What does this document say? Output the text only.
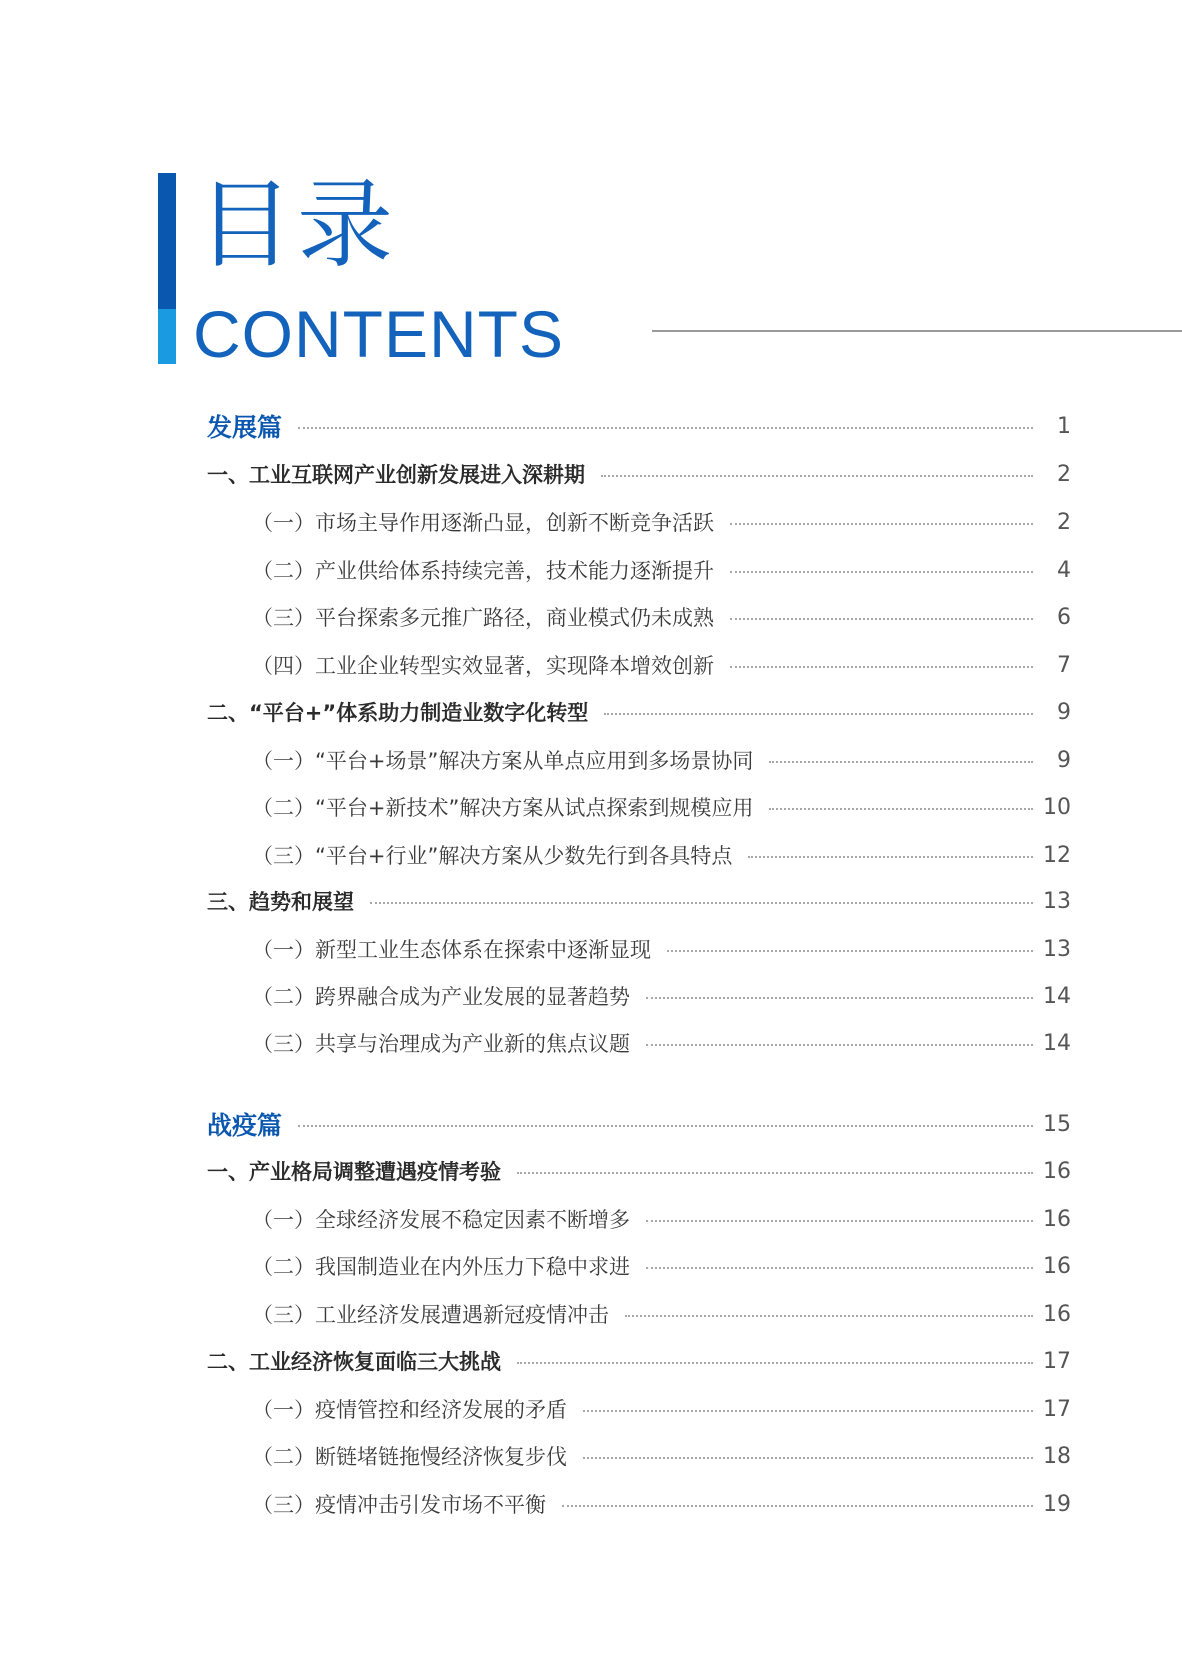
目录
CONTENTS
发展篇	1
一、工业互联网产业创新发展进入深耕期	2
（一）市场主导作用逐渐凸显，创新不断竞争活跃	2
（二）产业供给体系持续完善，技术能力逐渐提升	4
（三）平台探索多元推广路径，商业模式仍未成熟	6
（四）工业企业转型实效显著，实现降本增效创新	7
二、“平台+”体系助力制造业数字化转型	9
（一）“平台+场景”解决方案从单点应用到多场景协同	9
（二）“平台+新技术”解决方案从试点探索到规模应用	10
（三）“平台+行业”解决方案从少数先行到各具特点	12
三、趋势和展望	13
（一）新型工业生态体系在探索中逐渐显现	13
（二）跨界融合成为产业发展的显著趋势	14
（三）共享与治理成为产业新的焦点议题	14
战疫篇	15
一、产业格局调整遭遇疫情考验	16
（一）全球经济发展不稳定因素不断增多	16
（二）我国制造业在内外压力下稳中求进	16
（三）工业经济发展遭遇新冠疫情冲击	16
二、工业经济恢复面临三大挑战	17
（一）疫情管控和经济发展的矛盾	17
（二）断链堵链拖慢经济恢复步伐	18
（三）疫情冲击引发市场不平衡	19
